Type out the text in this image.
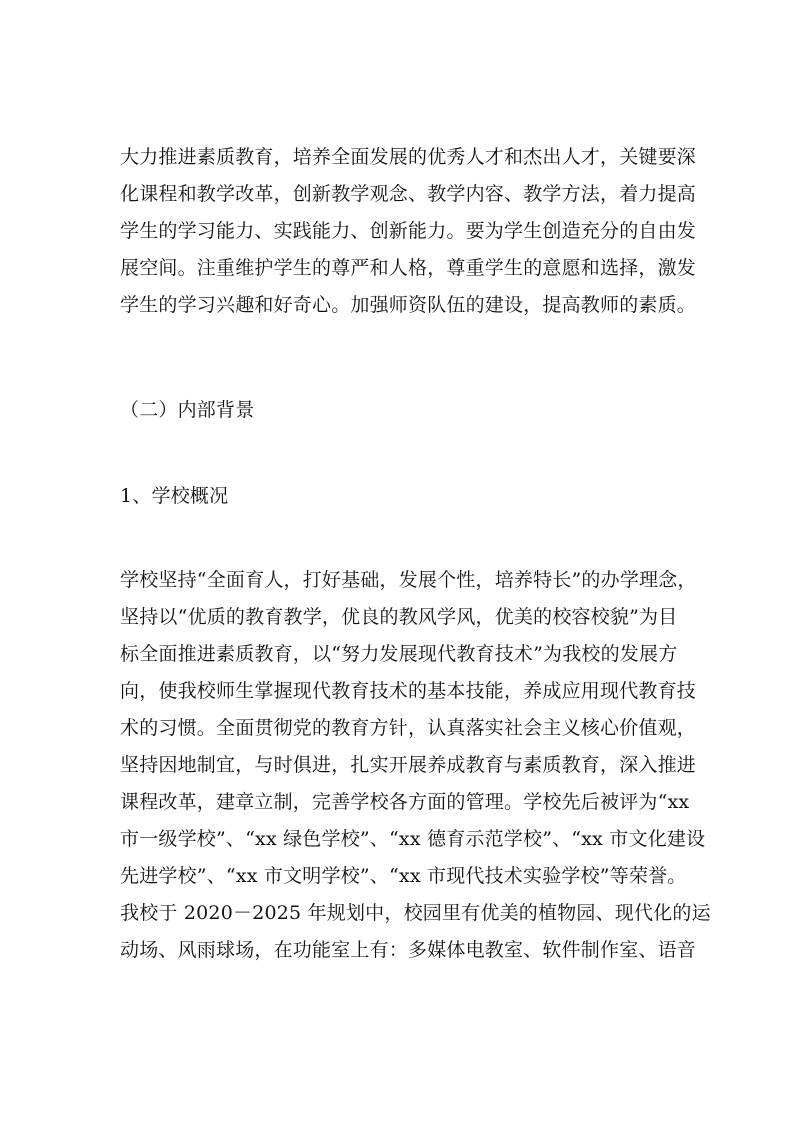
大力推进素质教育，培养全面发展的优秀人才和杰出人才，关键要深
化课程和教学改革，创新教学观念、教学内容、教学方法，着力提高
学生的学习能力、实践能力、创新能力。要为学生创造充分的自由发
展空间。注重维护学生的尊严和人格，尊重学生的意愿和选择，激发
学生的学习兴趣和好奇心。加强师资队伍的建设，提高教师的素质。
（二）内部背景
1、学校概况
学校坚持“全面育人，打好基础，发展个性，培养特长”的办学理念，
坚持以“优质的教育教学，优良的教风学风，优美的校容校貌”为目
标全面推进素质教育，以“努力发展现代教育技术”为我校的发展方
向，使我校师生掌握现代教育技术的基本技能，养成应用现代教育技
术的习惯。全面贯彻党的教育方针，认真落实社会主义核心价值观，
坚持因地制宜，与时俱进，扎实开展养成教育与素质教育，深入推进
课程改革，建章立制，完善学校各方面的管理。学校先后被评为“xx
市一级学校”、“xx 绿色学校”、“xx 德育示范学校”、“xx 市文化建设
先进学校”、“xx 市文明学校”、“xx 市现代技术实验学校”等荣誉。
我校于 2020－2025 年规划中，校园里有优美的植物园、现代化的运
动场、风雨球场，在功能室上有：多媒体电教室、软件制作室、语音
